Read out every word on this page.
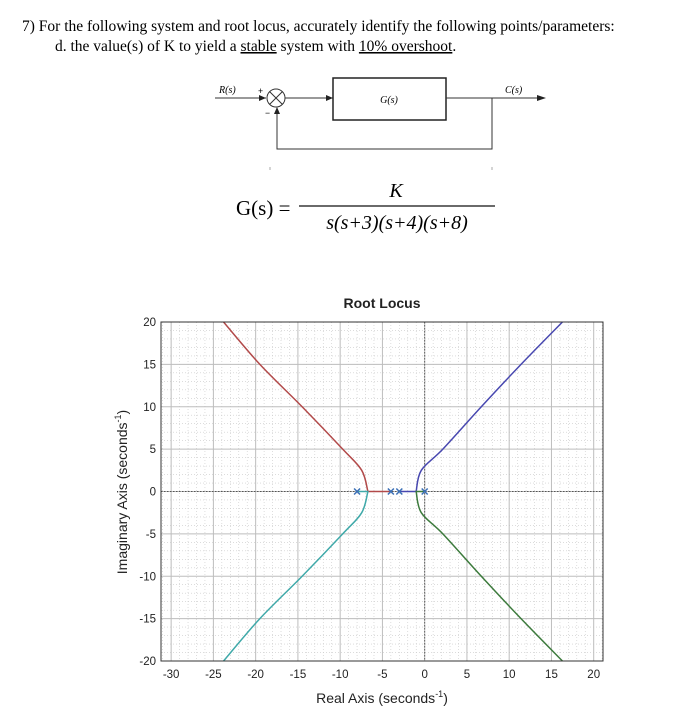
7) For the following system and root locus, accurately identify the following points/parameters:
d. the value(s) of K to yield a stable system with 10% overshoot.
R(s)	C(s)
G(s)
+
−
G(s) =
K
s(s+3)(s+4)(s+8)
Root Locus
-30 -25 -20 -15 -10	-5	0	5	10	15	20
-20
-15
-10
-5
0
5
10
15
20
Real Axis (seconds$^{-1}$)
Imaginary Axis (seconds$^{-1}$)
